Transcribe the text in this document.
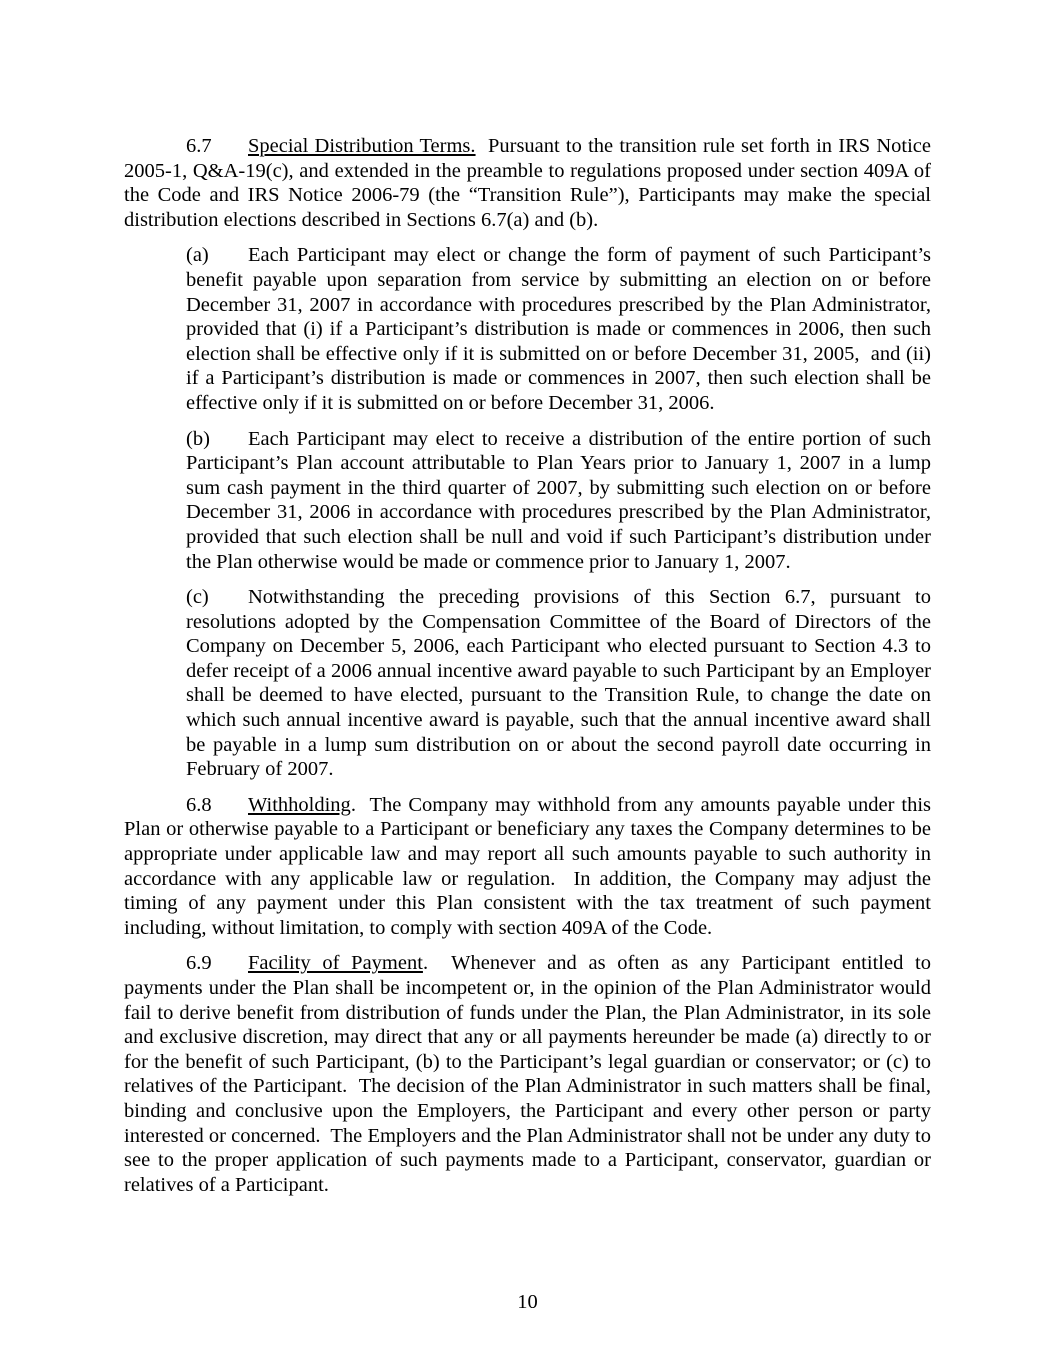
6.7 Special Distribution Terms.  Pursuant to the transition rule set forth in IRS Notice 2005-1, Q&A-19(c), and extended in the preamble to regulations proposed under section 409A of the Code and IRS Notice 2006-79 (the “Transition Rule”), Participants may make the special distribution elections described in Sections 6.7(a) and (b).

(a) Each Participant may elect or change the form of payment of such Participant’s benefit payable upon separation from service by submitting an election on or before December 31, 2007 in accordance with procedures prescribed by the Plan Administrator, provided that (i) if a Participant’s distribution is made or commences in 2006, then such election shall be effective only if it is submitted on or before December 31, 2005,  and (ii) if a Participant’s distribution is made or commences in 2007, then such election shall be effective only if it is submitted on or before December 31, 2006.

(b) Each Participant may elect to receive a distribution of the entire portion of such Participant’s Plan account attributable to Plan Years prior to January 1, 2007 in a lump sum cash payment in the third quarter of 2007, by submitting such election on or before December 31, 2006 in accordance with procedures prescribed by the Plan Administrator, provided that such election shall be null and void if such Participant’s distribution under the Plan otherwise would be made or commence prior to January 1, 2007.

(c) Notwithstanding the preceding provisions of this Section 6.7, pursuant to resolutions adopted by the Compensation Committee of the Board of Directors of the Company on December 5, 2006, each Participant who elected pursuant to Section 4.3 to defer receipt of a 2006 annual incentive award payable to such Participant by an Employer shall be deemed to have elected, pursuant to the Transition Rule, to change the date on which such annual incentive award is payable, such that the annual incentive award shall be payable in a lump sum distribution on or about the second payroll date occurring in February of 2007.

6.8 Withholding.  The Company may withhold from any amounts payable under this Plan or otherwise payable to a Participant or beneficiary any taxes the Company determines to be appropriate under applicable law and may report all such amounts payable to such authority in accordance with any applicable law or regulation.  In addition, the Company may adjust the timing of any payment under this Plan consistent with the tax treatment of such payment including, without limitation, to comply with section 409A of the Code.

6.9 Facility of Payment.  Whenever and as often as any Participant entitled to payments under the Plan shall be incompetent or, in the opinion of the Plan Administrator would fail to derive benefit from distribution of funds under the Plan, the Plan Administrator, in its sole and exclusive discretion, may direct that any or all payments hereunder be made (a) directly to or for the benefit of such Participant, (b) to the Participant’s legal guardian or conservator; or (c) to relatives of the Participant.  The decision of the Plan Administrator in such matters shall be final, binding and conclusive upon the Employers, the Participant and every other person or party interested or concerned.  The Employers and the Plan Administrator shall not be under any duty to see to the proper application of such payments made to a Participant, conservator, guardian or relatives of a Participant.

10
